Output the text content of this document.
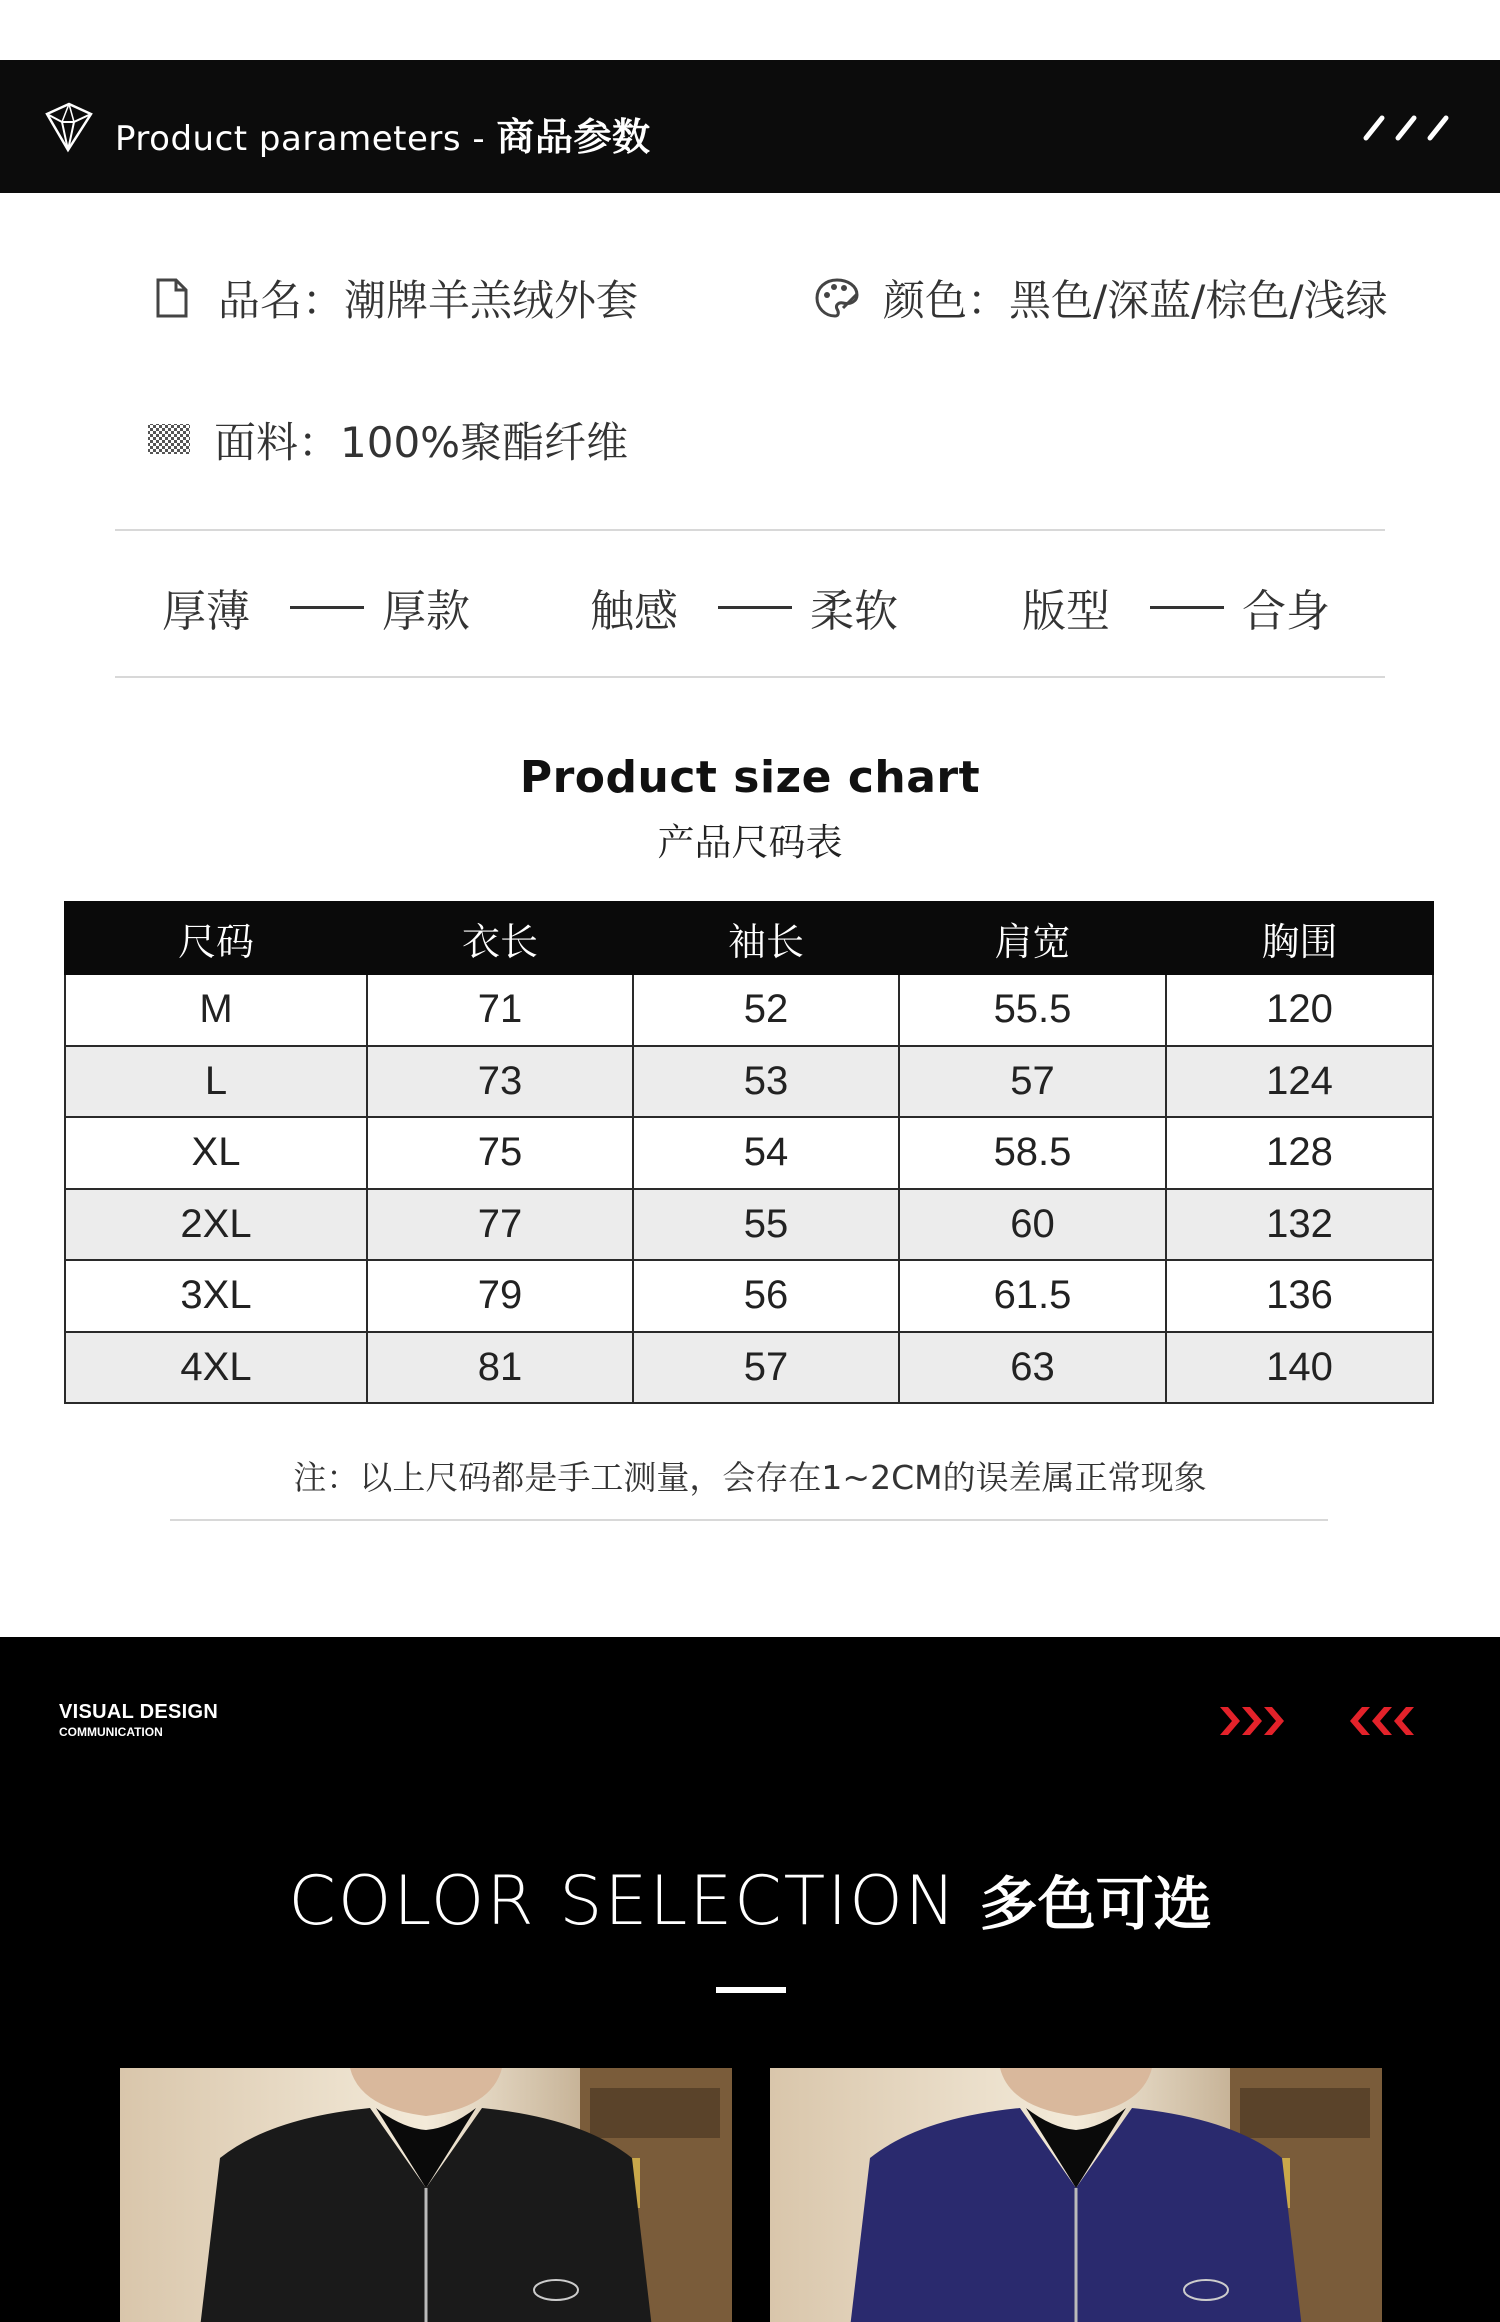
Product parameters - 商品参数
品名： 潮牌羊羔绒外套	颜色： 黑色/深蓝/棕色/浅绿
面料： 100%聚酯纤维
厚薄	厚款	触感	柔软	版型	合身
Product size chart
产品尺码表
尺码	衣长	袖长	肩宽	胸围
M	71	52	55.5	120
L	73	53	57	124
XL	75	54	58.5	128
2XL	77	55	60	132
3XL	79	56	61.5	136
4XL	81	57	63	140
注：以上尺码都是手工测量，会存在1~2CM的误差属正常现象
VISUAL DESIGN
COMMUNICATION
COLOR SELECTION 多色可选
